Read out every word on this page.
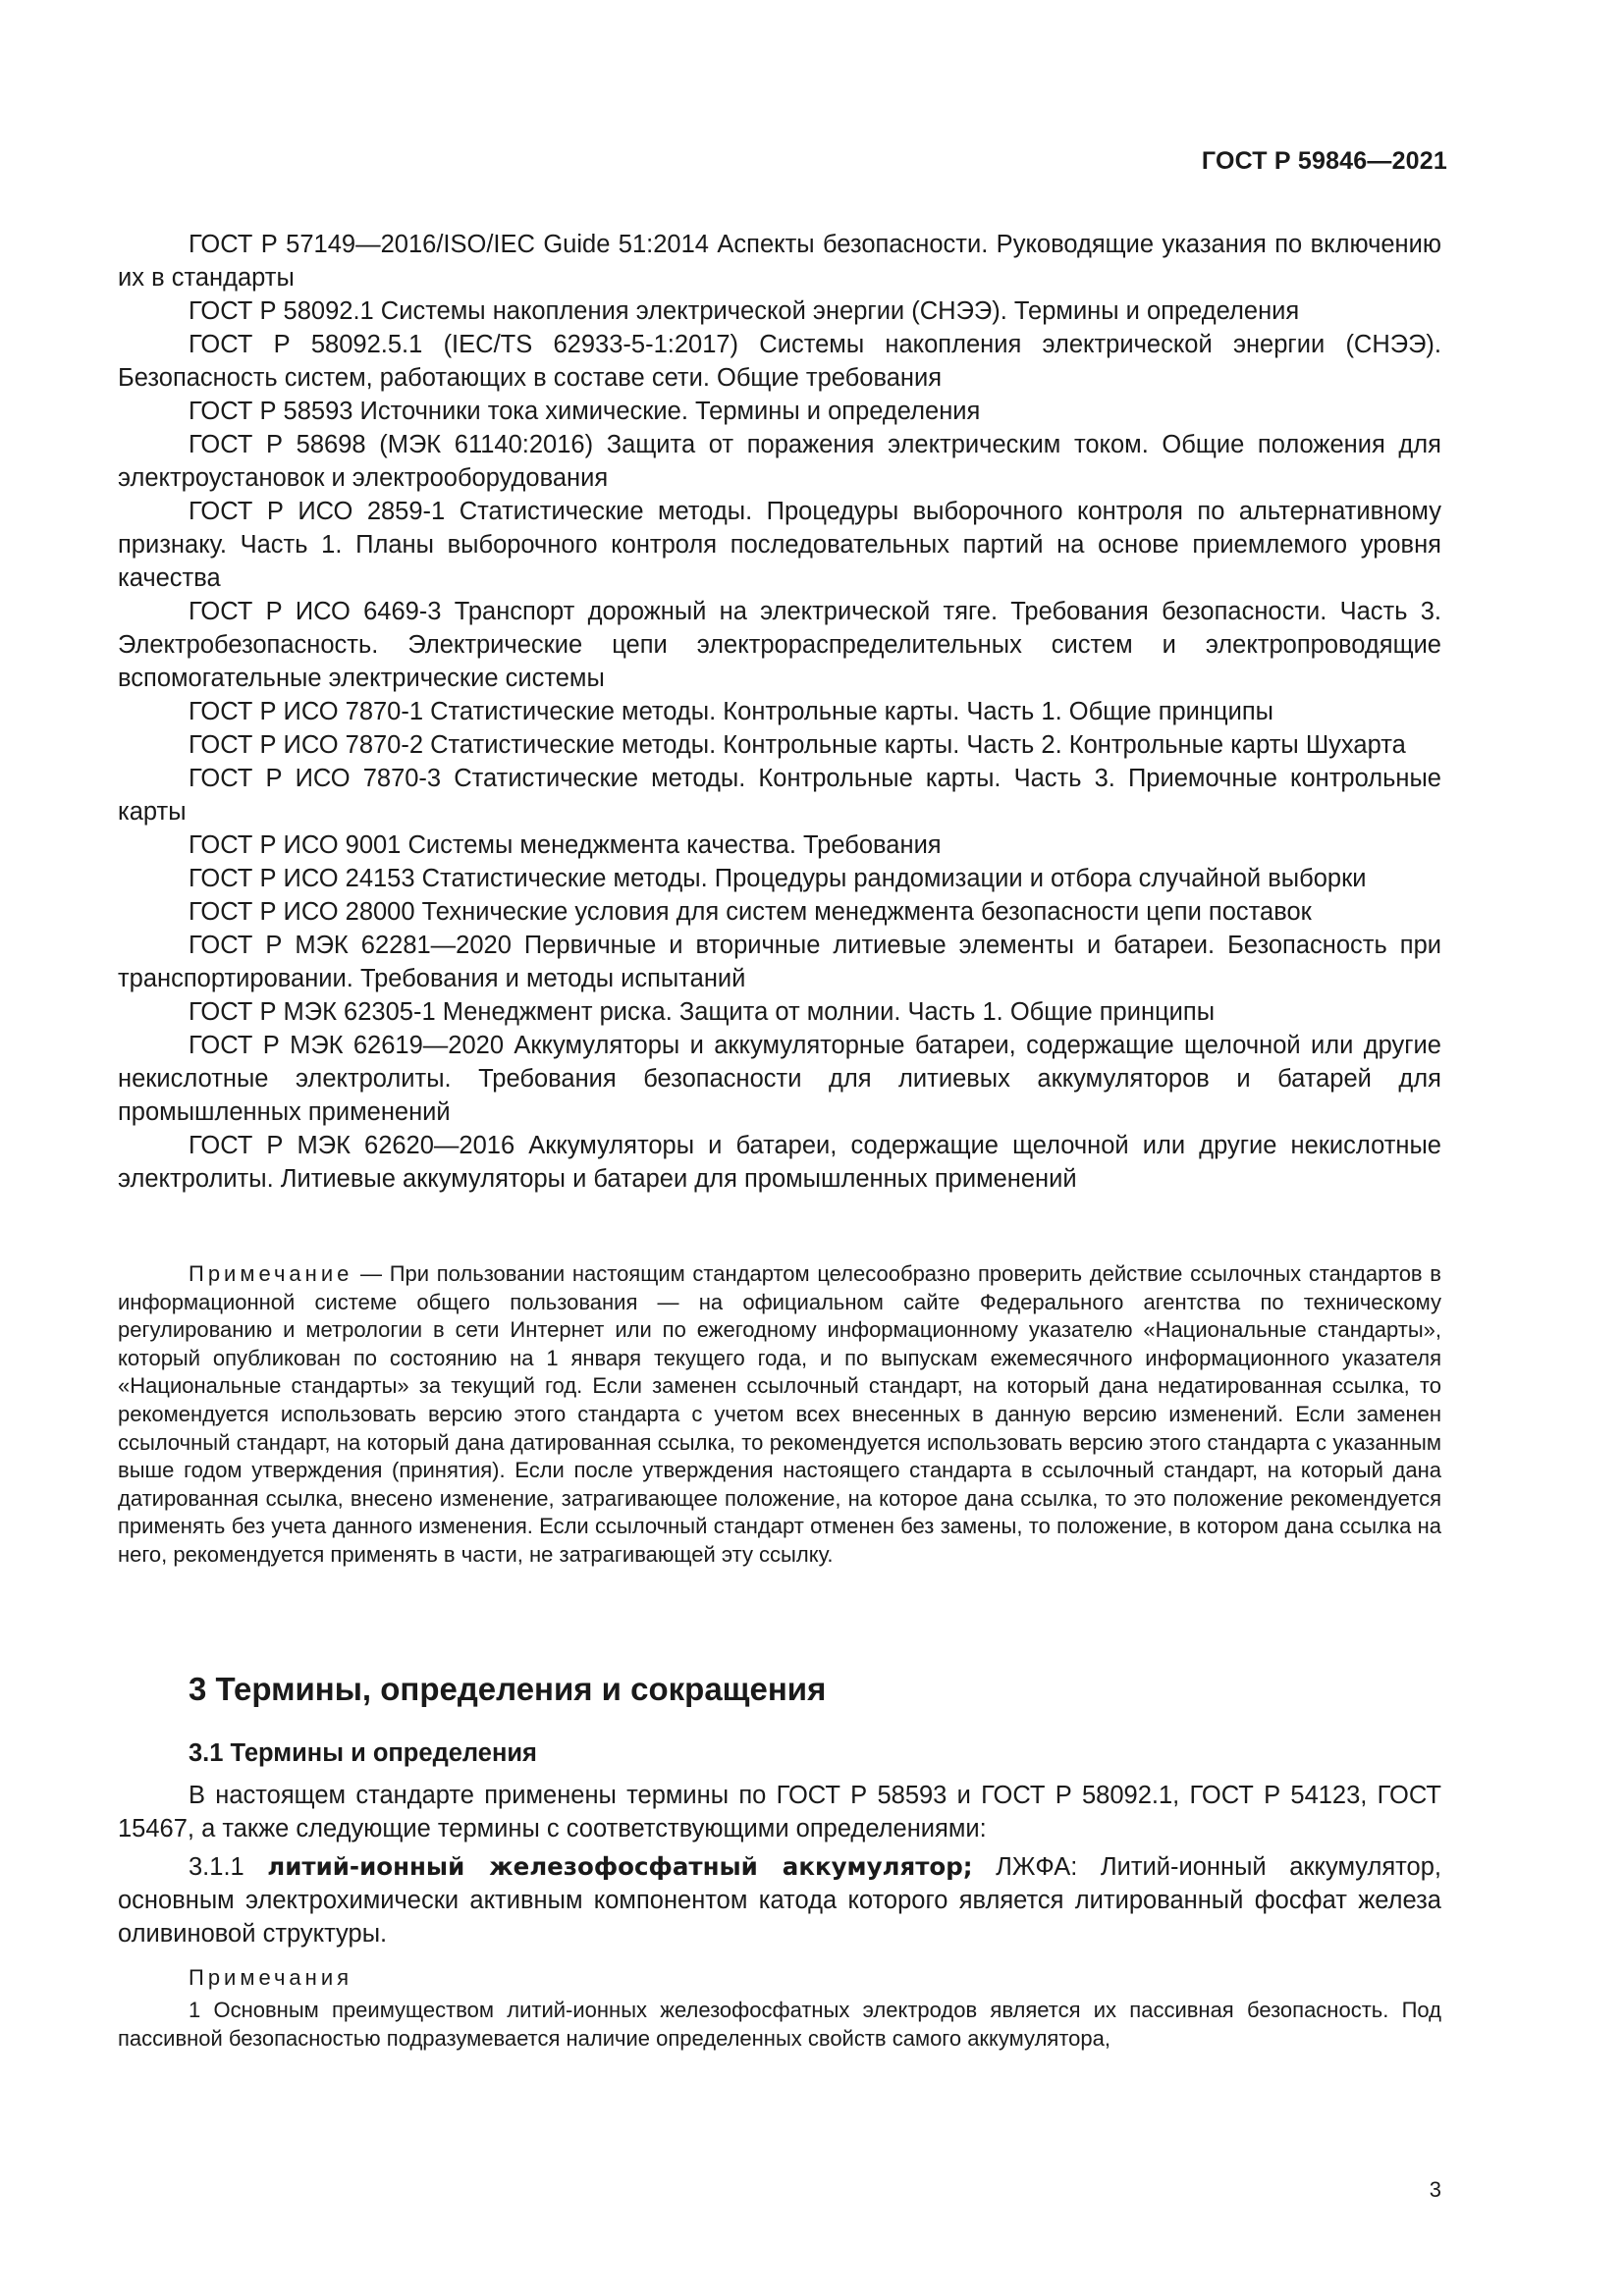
ГОСТ Р 59846—2021

ГОСТ Р 57149—2016/ISO/IEC Guide 51:2014 Аспекты безопасности. Руководящие указания по включению их в стандарты

ГОСТ Р 58092.1 Системы накопления электрической энергии (СНЭЭ). Термины и определения

ГОСТ Р 58092.5.1 (IEC/TS 62933-5-1:2017) Системы накопления электрической энергии (СНЭЭ). Безопасность систем, работающих в составе сети. Общие требования

ГОСТ Р 58593 Источники тока химические. Термины и определения

ГОСТ Р 58698 (МЭК 61140:2016) Защита от поражения электрическим током. Общие положения для электроустановок и электрооборудования

ГОСТ Р ИСО 2859-1 Статистические методы. Процедуры выборочного контроля по альтернативному признаку. Часть 1. Планы выборочного контроля последовательных партий на основе приемлемого уровня качества

ГОСТ Р ИСО 6469-3 Транспорт дорожный на электрической тяге. Требования безопасности. Часть 3. Электробезопасность. Электрические цепи электрораспределительных систем и электропроводящие вспомогательные электрические системы

ГОСТ Р ИСО 7870-1 Статистические методы. Контрольные карты. Часть 1. Общие принципы

ГОСТ Р ИСО 7870-2 Статистические методы. Контрольные карты. Часть 2. Контрольные карты Шухарта

ГОСТ Р ИСО 7870-3 Статистические методы. Контрольные карты. Часть 3. Приемочные контрольные карты

ГОСТ Р ИСО 9001 Системы менеджмента качества. Требования

ГОСТ Р ИСО 24153 Статистические методы. Процедуры рандомизации и отбора случайной выборки

ГОСТ Р ИСО 28000 Технические условия для систем менеджмента безопасности цепи поставок

ГОСТ Р МЭК 62281—2020 Первичные и вторичные литиевые элементы и батареи. Безопасность при транспортировании. Требования и методы испытаний

ГОСТ Р МЭК 62305-1 Менеджмент риска. Защита от молнии. Часть 1. Общие принципы

ГОСТ Р МЭК 62619—2020 Аккумуляторы и аккумуляторные батареи, содержащие щелочной или другие некислотные электролиты. Требования безопасности для литиевых аккумуляторов и батарей для промышленных применений

ГОСТ Р МЭК 62620—2016 Аккумуляторы и батареи, содержащие щелочной или другие некислотные электролиты. Литиевые аккумуляторы и батареи для промышленных применений

Примечание — При пользовании настоящим стандартом целесообразно проверить действие ссылочных стандартов в информационной системе общего пользования — на официальном сайте Федерального агентства по техническому регулированию и метрологии в сети Интернет или по ежегодному информационному указателю «Национальные стандарты», который опубликован по состоянию на 1 января текущего года, и по выпускам ежемесячного информационного указателя «Национальные стандарты» за текущий год. Если заменен ссылочный стандарт, на который дана недатированная ссылка, то рекомендуется использовать версию этого стандарта с учетом всех внесенных в данную версию изменений. Если заменен ссылочный стандарт, на который дана датированная ссылка, то рекомендуется использовать версию этого стандарта с указанным выше годом утверждения (принятия). Если после утверждения настоящего стандарта в ссылочный стандарт, на который дана датированная ссылка, внесено изменение, затрагивающее положение, на которое дана ссылка, то это положение рекомендуется применять без учета данного изменения. Если ссылочный стандарт отменен без замены, то положение, в котором дана ссылка на него, рекомендуется применять в части, не затрагивающей эту ссылку.

3 Термины, определения и сокращения
3.1 Термины и определения

В настоящем стандарте применены термины по ГОСТ Р 58593 и ГОСТ Р 58092.1, ГОСТ Р 54123, ГОСТ 15467, а также следующие термины с соответствующими определениями:

3.1.1 литий-ионный железофосфатный аккумулятор; ЛЖФА: Литий-ионный аккумулятор, основным электрохимически активным компонентом катода которого является литированный фосфат железа оливиновой структуры.

Примечания

1 Основным преимуществом литий-ионных железофосфатных электродов является их пассивная безопасность. Под пассивной безопасностью подразумевается наличие определенных свойств самого аккумулятора,

3
